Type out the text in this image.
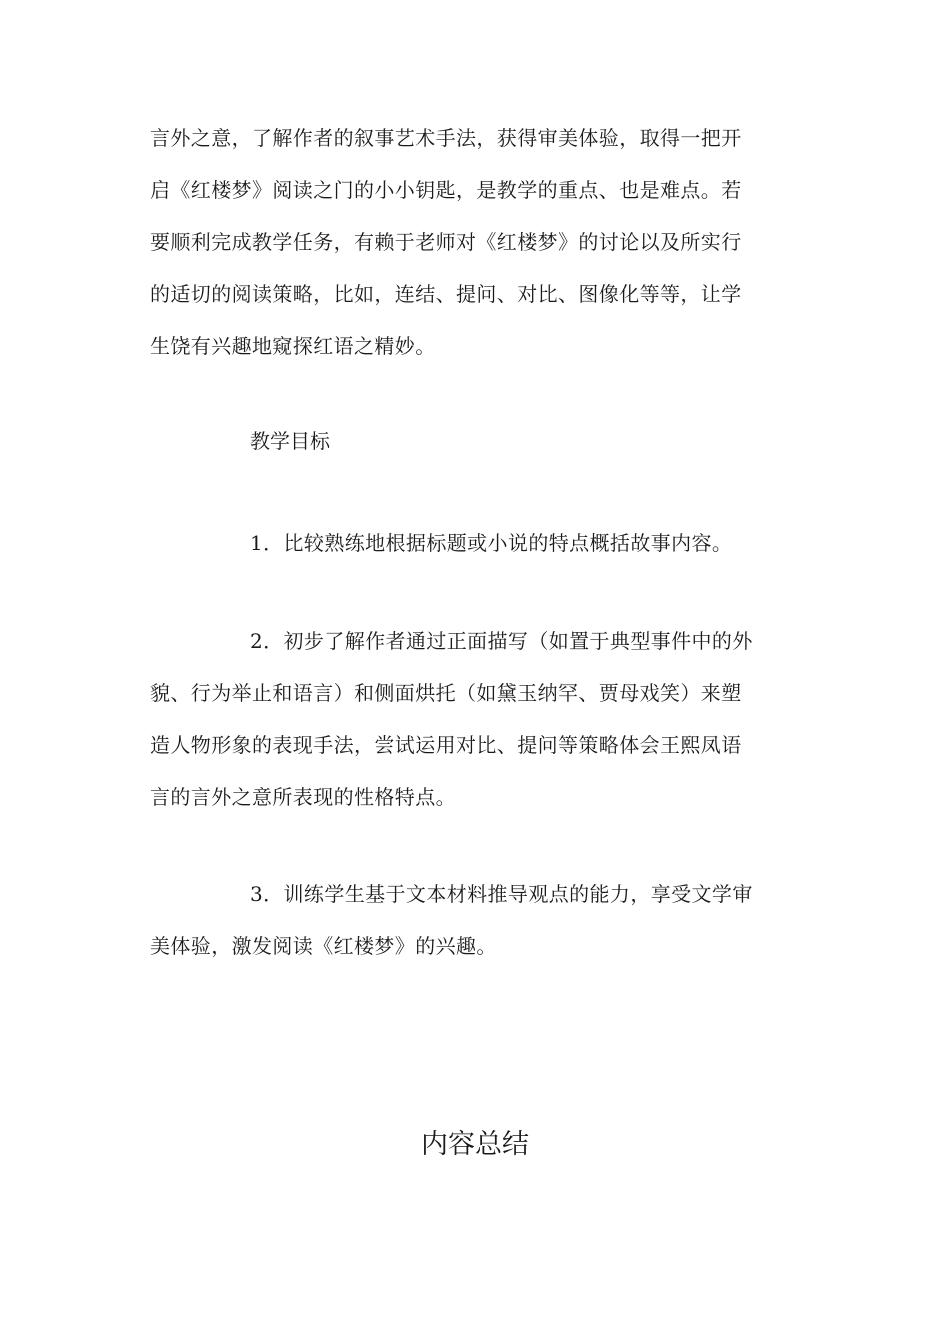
言外之意，了解作者的叙事艺术手法，获得审美体验，取得一把开
启《红楼梦》阅读之门的小小钥匙，是教学的重点、也是难点。若
要顺利完成教学任务，有赖于老师对《红楼梦》的讨论以及所实行
的适切的阅读策略，比如，连结、提问、对比、图像化等等，让学
生饶有兴趣地窥探红语之精妙。
教学目标
1．比较熟练地根据标题或小说的特点概括故事内容。
2．初步了解作者通过正面描写（如置于典型事件中的外
貌、行为举止和语言）和侧面烘托（如黛玉纳罕、贾母戏笑）来塑
造人物形象的表现手法，尝试运用对比、提问等策略体会王熙凤语
言的言外之意所表现的性格特点。
3．训练学生基于文本材料推导观点的能力，享受文学审
美体验，激发阅读《红楼梦》的兴趣。
内容总结
